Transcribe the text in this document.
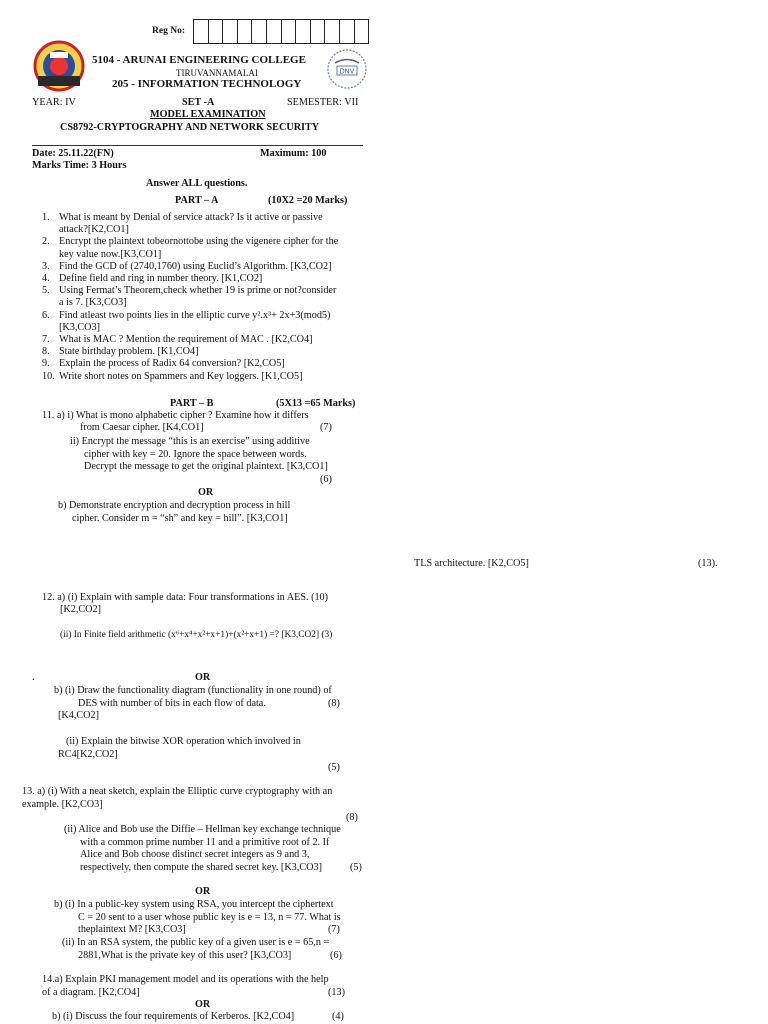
Reg No:
5104 - ARUNAI ENGINEERING COLLEGE
TIRUVANNAMALAI
205 - INFORMATION TECHNOLOGY
DNV
YEAR: IV	SET -A	SEMESTER: VII
MODEL EXAMINATION
CS8792-CRYPTOGRAPHY AND NETWORK SECURITY
Date: 25.11.22(FN)	Maximum: 100
Marks Time: 3 Hours
Answer ALL questions.
PART – A	(10X2 =20 Marks)
1. What is meant by Denial of service attack? Is it active or passive
attack?[K2,CO1]
2. Encrypt the plaintext tobeornottobe using the vigenere cipher for the
key value now.[K3,CO1]
3. Find the GCD of (2740,1760) using Euclid’s Algorithm. [K3,CO2]
4. Define field and ring in number theory. [K1,CO2]
5. Using Fermat’s Theorem,check whether 19 is prime or not?consider
a is 7. [K3,CO3]
6. Find atleast two points lies in the elliptic curve y².x³+ 2x+3(mod5)
[K3,CO3]
7. What is MAC ? Mention the requirement of MAC . [K2,CO4]
8. State birthday problem. [K1,CO4]
9. Explain the process of Radix 64 conversion? [K2,CO5]
10. Write short notes on Spammers and Key loggers. [K1,CO5]
PART – B	(5X13 =65 Marks)
11. a) i) What is mono alphabetic cipher ? Examine how it differs
from Caesar cipher. [K4,CO1]	(7)
ii) Encrypt the message “this is an exercise” using additive
cipher with key = 20. Ignore the space between words.
Decrypt the message to get the original plaintext. [K3,CO1]
(6)
OR
b) Demonstrate encryption and decryption process in hill
cipher. Consider m = “sh” and key = hill”. [K3,CO1]
TLS architecture. [K2,CO5]	(13).
12. a) (i) Explain with sample data: Four transformations in AES. (10)
[K2,CO2]
(ii) In Finite field arithmetic (x⁶+x⁴+x²+x+1)+(x²+x+1) =? [K3,CO2] (3)
.	OR
b) (i) Draw the functionality diagram (functionality in one round) of
DES with number of bits in each flow of data.	(8)
[K4,CO2]
(ii) Explain the bitwise XOR operation which involved in
RC4[K2,CO2]
(5)
13. a) (i) With a neat sketch, explain the Elliptic curve cryptography with an
example. [K2,CO3]
(8)
(ii) Alice and Bob use the Diffie – Hellman key exchange technique
with a common prime number 11 and a primitive root of 2. If
Alice and Bob choose distinct secret integers as 9 and 3,
respectively, then compute the shared secret key. [K3,CO3]	(5)
OR
b) (i) In a public-key system using RSA, you intercept the ciphertext
C = 20 sent to a user whose public key is e = 13, n = 77. What is
theplaintext M? [K3,CO3]	(7)
(ii) In an RSA system, the public key of a given user is e = 65,n =
2881,What is the private key of this user? [K3,CO3]	(6)
14.a) Explain PKI management model and its operations with the help
of a diagram. [K2,CO4]	(13)
OR
b) (i) Discuss the four requirements of Kerberos. [K2,CO4]	(4)
